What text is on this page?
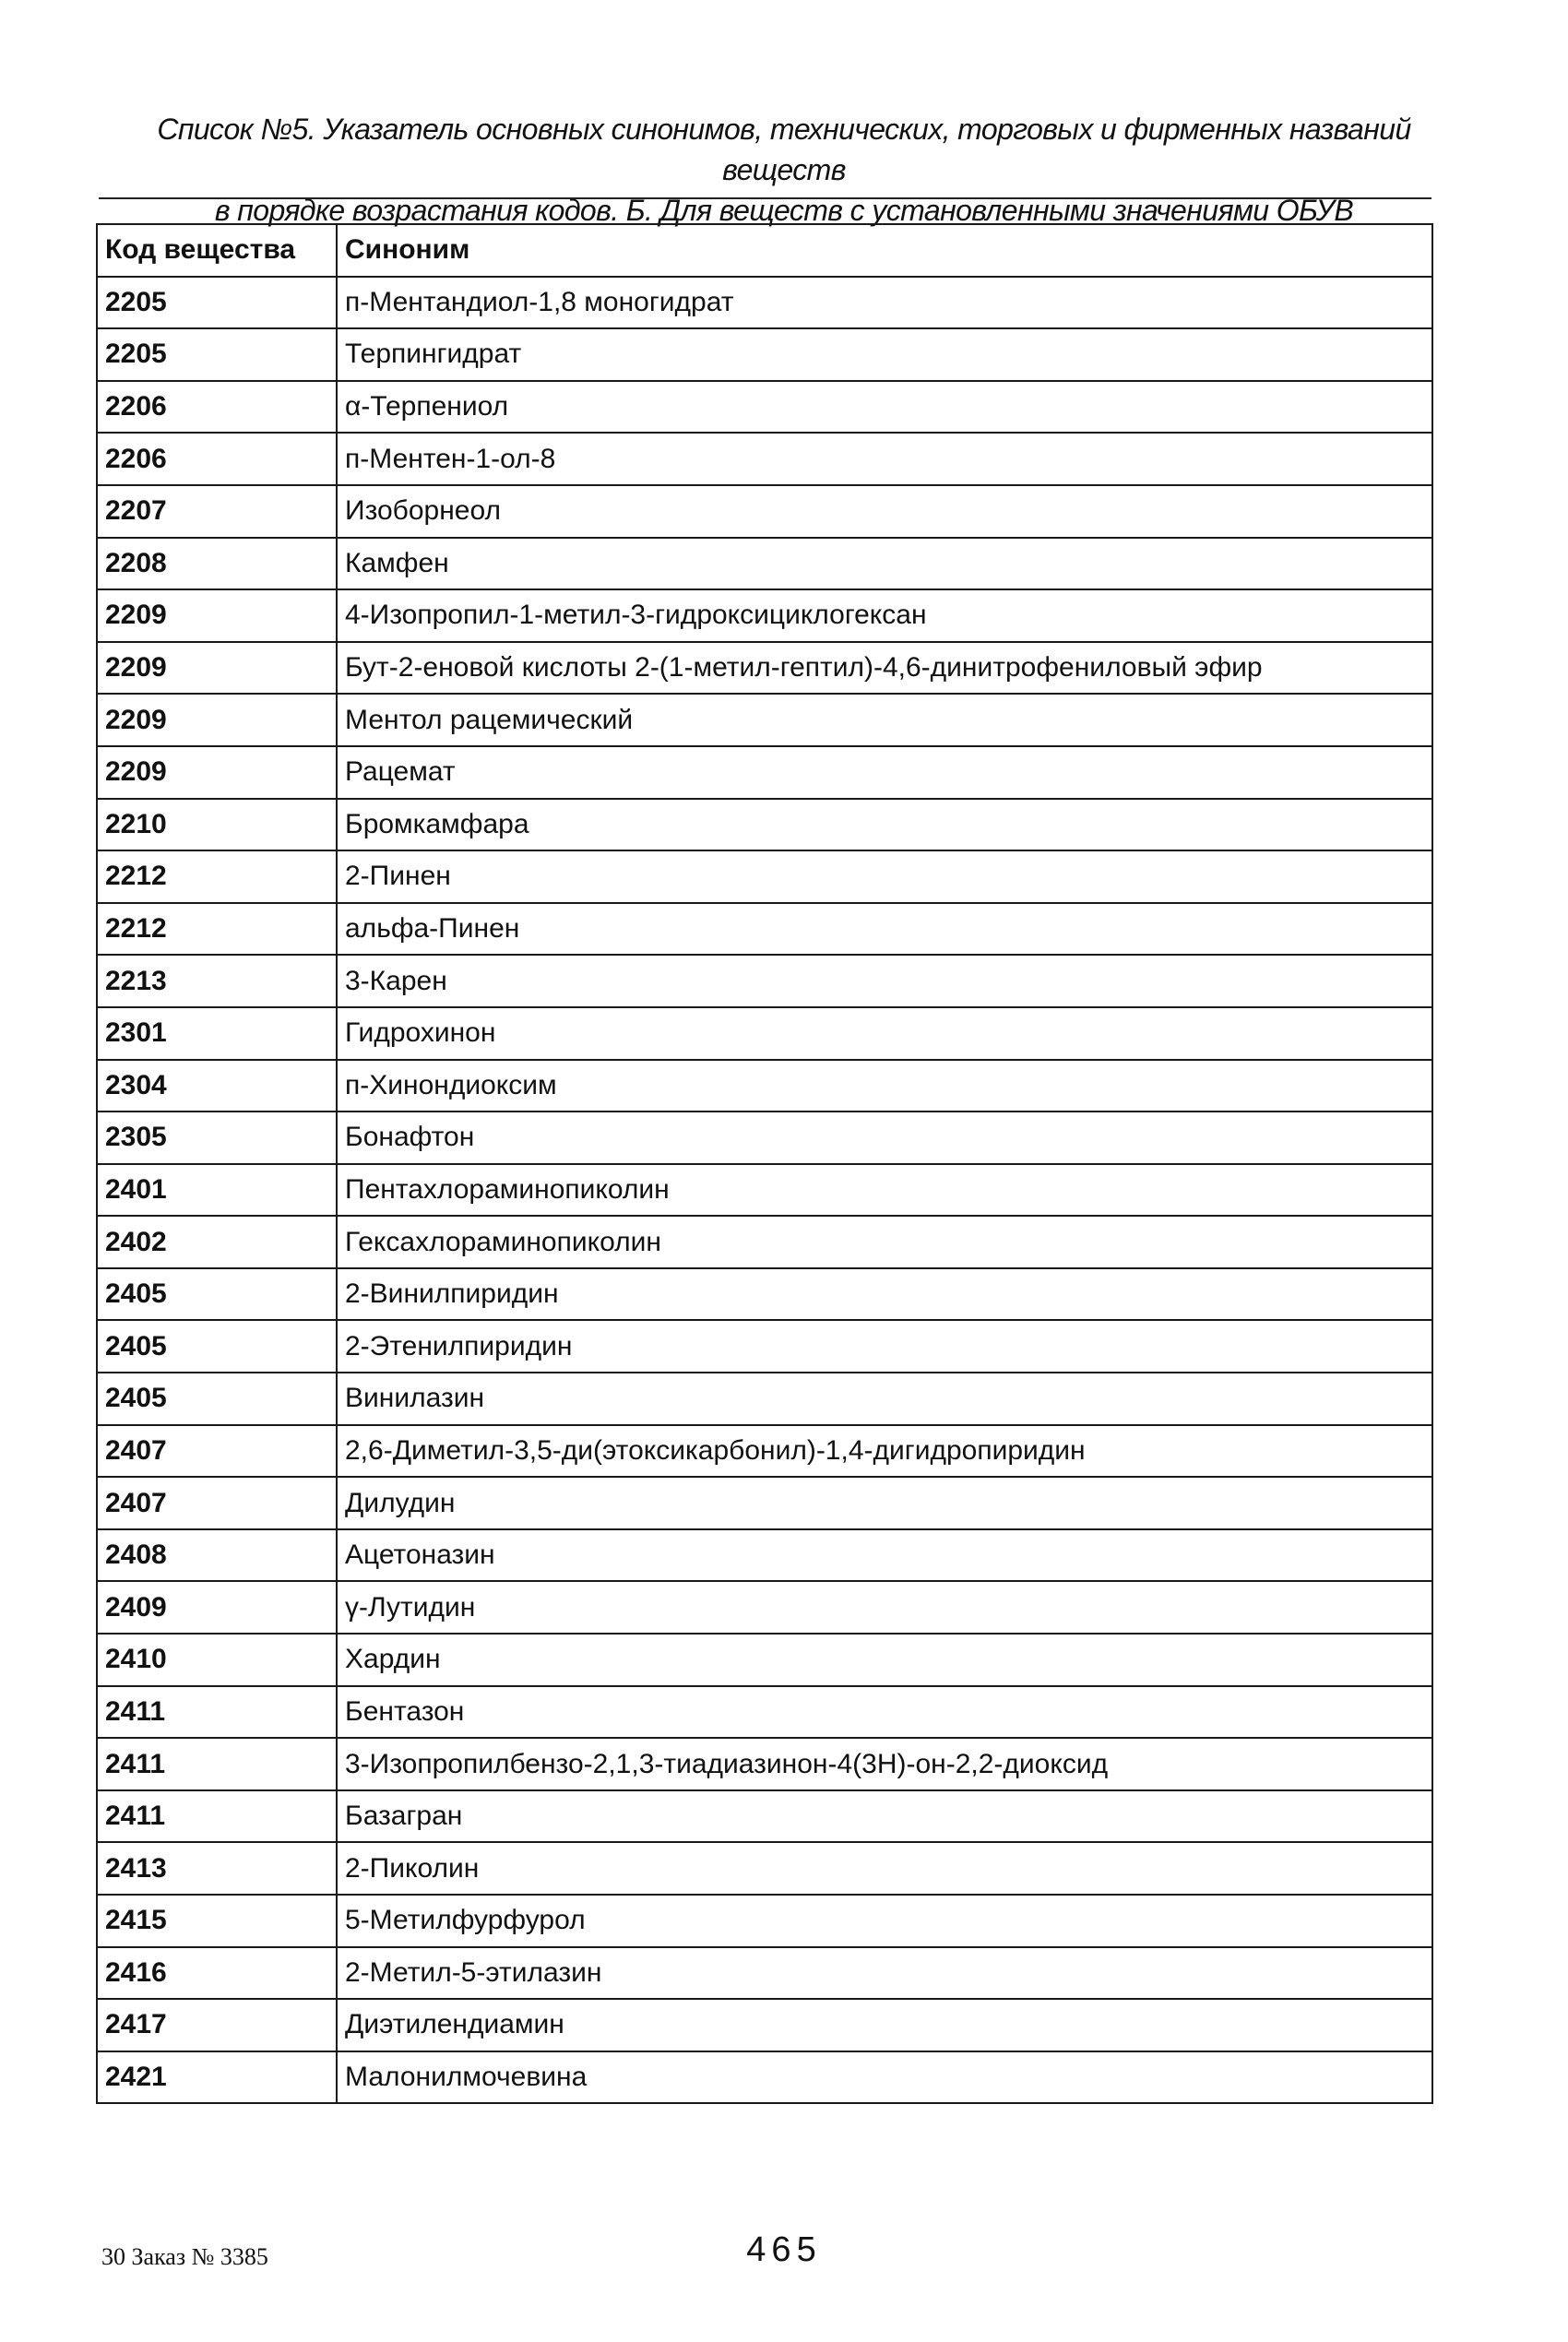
Список №5. Указатель основных синонимов, технических, торговых и фирменных названий веществ
в порядке возрастания кодов. Б. Для веществ с установленными значениями ОБУВ
Код вещества	Синоним
2205	п-Ментандиол-1,8 моногидрат
2205	Терпингидрат
2206	α-Терпениол
2206	п-Ментен-1-ол-8
2207	Изоборнеол
2208	Камфен
2209	4-Изопропил-1-метил-3-гидроксициклогексан
2209	Бут-2-еновой кислоты 2-(1-метил-гептил)-4,6-динитрофениловый эфир
2209	Ментол рацемический
2209	Рацемат
2210	Бромкамфара
2212	2-Пинен
2212	альфа-Пинен
2213	3-Карен
2301	Гидрохинон
2304	п-Хинондиоксим
2305	Бонафтон
2401	Пентахлораминопиколин
2402	Гексахлораминопиколин
2405	2-Винилпиридин
2405	2-Этенилпиридин
2405	Винилазин
2407	2,6-Диметил-3,5-ди(этоксикарбонил)-1,4-дигидропиридин
2407	Дилудин
2408	Ацетоназин
2409	γ-Лутидин
2410	Хардин
2411	Бентазон
2411	3-Изопропилбензо-2,1,3-тиадиазинон-4(3Н)-он-2,2-диоксид
2411	Базагран
2413	2-Пиколин
2415	5-Метилфурфурол
2416	2-Метил-5-этилазин
2417	Диэтилендиамин
2421	Малонилмочевина
30 Заказ № 3385	465
